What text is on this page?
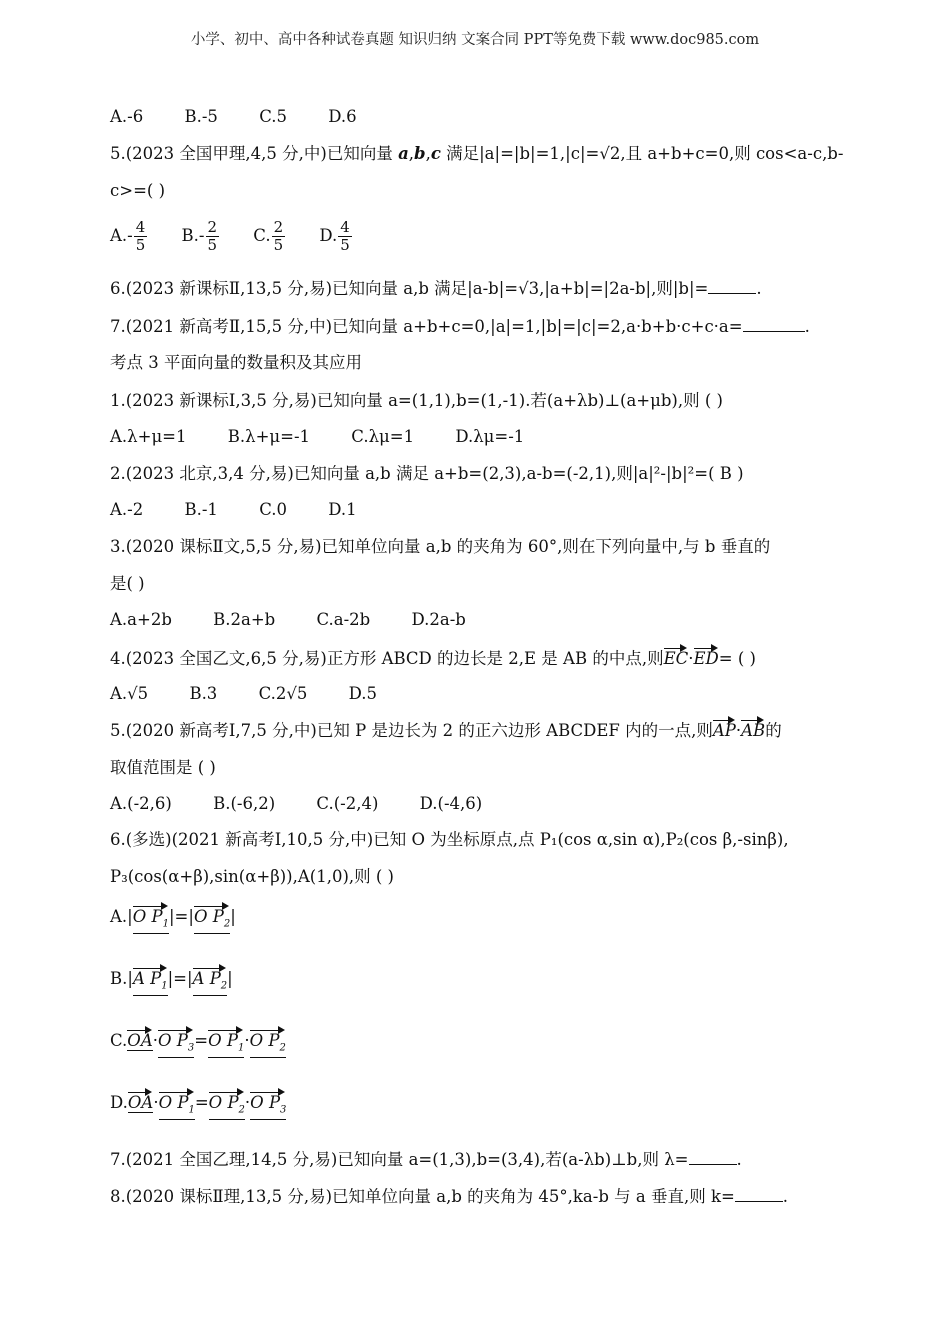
小学、初中、高中各种试卷真题 知识归纳 文案合同 PPT等免费下载 www.doc985.com
A.-6	B.-5	C.5	D.6
5.(2023 全国甲理,4,5 分,中)已知向量 a,b,c 满足|a|=|b|=1,|c|=√2,且 a+b+c=0,则 cos<a-c,b-
c>=( )
$A.- \frac{4}{5} B.- \frac{2}{5} C$. $\frac{2}{5} D$. $\frac{4}{5}$
6.(2023 新课标Ⅱ,13,5 分,易)已知向量 a,b 满足|a-b|=√3,|a+b|=|2a-b|,则|b|=	.
7.(2021 新高考Ⅱ,15,5 分,中)已知向量 a+b+c=0,|a|=1,|b|=|c|=2,a·b+b·c+c·a=	.
考点 3 平面向量的数量积及其应用
1.(2023 新课标Ⅰ,3,5 分,易)已知向量 a=(1,1),b=(1,-1).若(a+λb)⊥(a+μb),则 ( )
A.λ+μ=1	B.λ+μ=-1	C.λμ=1	D.λμ=-1
2.(2023 北京,3,4 分,易)已知向量 a,b 满足 a+b=(2,3),a-b=(-2,1),则|a|²-|b|²=( B )
A.-2	B.-1	C.0	D.1
3.(2020 课标Ⅱ文,5,5 分,易)已知单位向量 a,b 的夹角为 60°,则在下列向量中,与 b 垂直的
是( )
A.a+2b	B.2a+b	C.a-2b	D.2a-b
4.(2023 全国乙文,6,5 分,易)正方形 ABCD 的边长是 2,E 是 AB 的中点,则EC·ED= ( )
A.√5	B.3	C.2√5	D.5
5.(2020 新高考Ⅰ,7,5 分,中)已知 P 是边长为 2 的正六边形 ABCDEF 内的一点,则AP·AB的
取值范围是 ( )
A.(-2,6)	B.(-6,2)	C.(-2,4)	D.(-4,6)
6.(多选)(2021 新高考Ⅰ,10,5 分,中)已知 O 为坐标原点,点 P₁(cos α,sin α),P₂(cos β,-sinβ),
P₃(cos(α+β),sin(α+β)),A(1,0),则 ( )
A.|O $P_1|=|O$ $P_2|$
B.|A $P_1|=|A$ $P_2|$
C.OA·O $P_3=O$ $P_1\cdot O$ $P_2$
D.OA·O $P_1=O$ $P_2\cdot O$ $P_3$
7.(2021 全国乙理,14,5 分,易)已知向量 a=(1,3),b=(3,4),若(a-λb)⊥b,则 λ=	.
8.(2020 课标Ⅱ理,13,5 分,易)已知单位向量 a,b 的夹角为 45°,ka-b 与 a 垂直,则 k=	.
